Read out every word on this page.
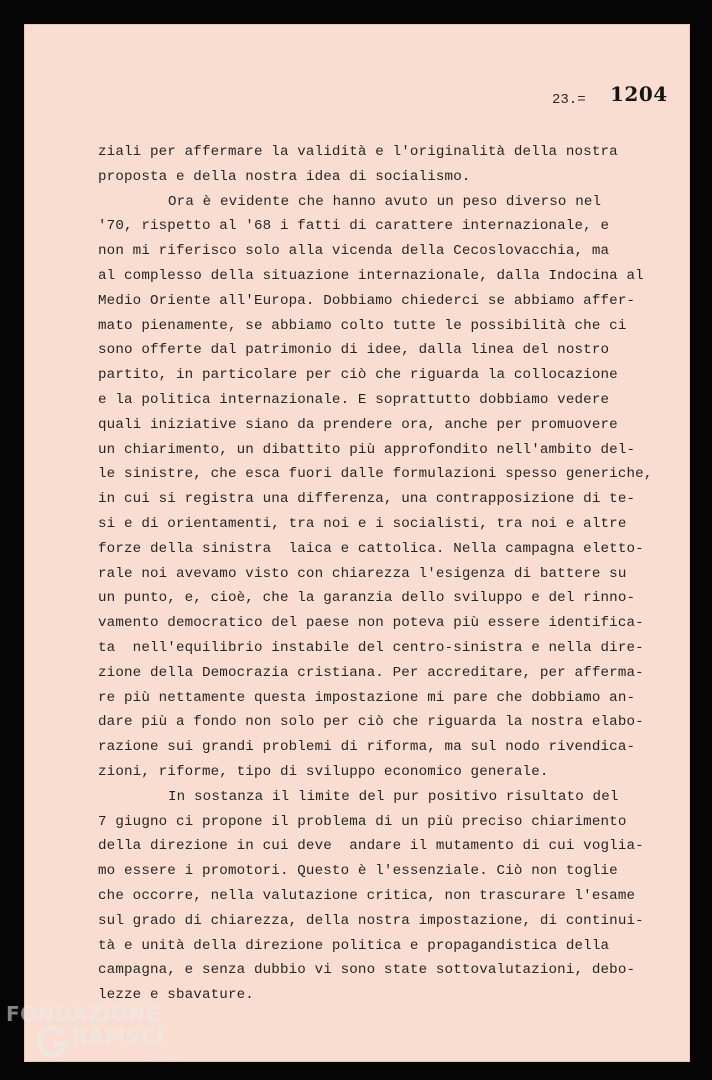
23.= 1204
ziali per affermare la validità e l'originalità della nostra
proposta e della nostra idea di socialismo.
Ora è evidente che hanno avuto un peso diverso nel
'70, rispetto al '68 i fatti di carattere internazionale, e
non mi riferisco solo alla vicenda della Cecoslovacchia, ma
al complesso della situazione internazionale, dalla Indocina al
Medio Oriente all'Europa. Dobbiamo chiederci se abbiamo affer-
mato pienamente, se abbiamo colto tutte le possibilità che ci
sono offerte dal patrimonio di idee, dalla linea del nostro
partito, in particolare per ciò che riguarda la collocazione
e la politica internazionale. E soprattutto dobbiamo vedere
quali iniziative siano da prendere ora, anche per promuovere
un chiarimento, un dibattito più approfondito nell'ambito del-
le sinistre, che esca fuori dalle formulazioni spesso generiche,
in cui si registra una differenza, una contrapposizione di te-
si e di orientamenti, tra noi e i socialisti, tra noi e altre
forze della sinistra  laica e cattolica. Nella campagna eletto-
rale noi avevamo visto con chiarezza l'esigenza di battere su
un punto, e, cioè, che la garanzia dello sviluppo e del rinno-
vamento democratico del paese non poteva più essere identifica-
ta  nell'equilibrio instabile del centro-sinistra e nella dire-
zione della Democrazia cristiana. Per accreditare, per afferma-
re più nettamente questa impostazione mi pare che dobbiamo an-
dare più a fondo non solo per ciò che riguarda la nostra elabo-
razione sui grandi problemi di riforma, ma sul nodo rivendica-
zioni, riforme, tipo di sviluppo economico generale.
In sostanza il limite del pur positivo risultato del
7 giugno ci propone il problema di un più preciso chiarimento
della direzione in cui deve  andare il mutamento di cui voglia-
mo essere i promotori. Questo è l'essenziale. Ciò non toglie
che occorre, nella valutazione critica, non trascurare l'esame
sul grado di chiarezza, della nostra impostazione, di continui-
tà e unità della direzione politica e propagandistica della
campagna, e senza dubbio vi sono state sottovalutazioni, debo-
lezze e sbavature.
FONDAZIONE
RAMSCI
onlus
